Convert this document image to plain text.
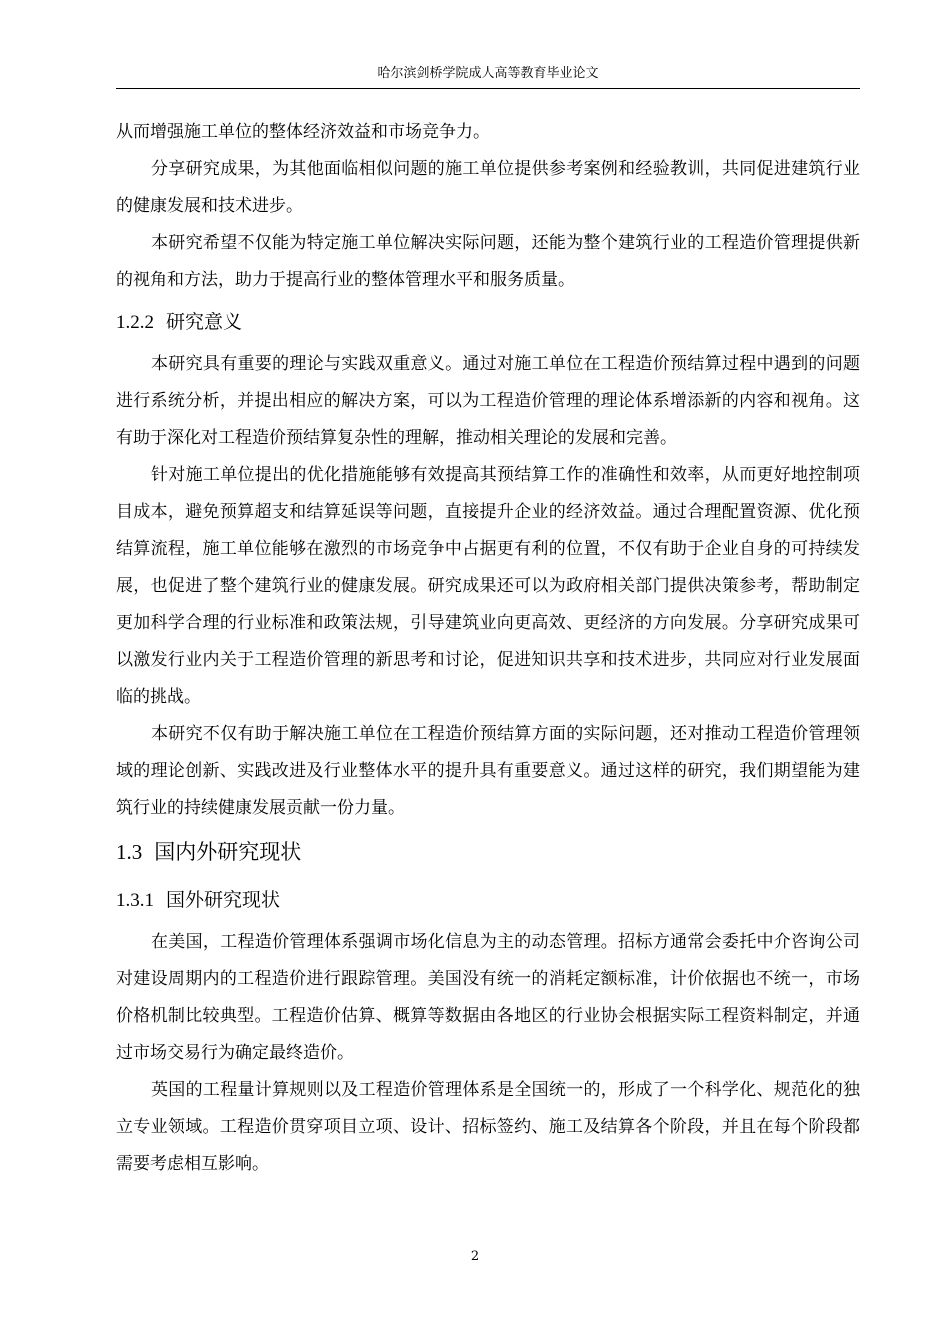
哈尔滨剑桥学院成人高等教育毕业论文

从而增强施工单位的整体经济效益和市场竞争力。

分享研究成果，为其他面临相似问题的施工单位提供参考案例和经验教训，共同促进建筑行业的健康发展和技术进步。

本研究希望不仅能为特定施工单位解决实际问题，还能为整个建筑行业的工程造价管理提供新的视角和方法，助力于提高行业的整体管理水平和服务质量。

1.2.2 研究意义

本研究具有重要的理论与实践双重意义。通过对施工单位在工程造价预结算过程中遇到的问题进行系统分析，并提出相应的解决方案，可以为工程造价管理的理论体系增添新的内容和视角。这有助于深化对工程造价预结算复杂性的理解，推动相关理论的发展和完善。

针对施工单位提出的优化措施能够有效提高其预结算工作的准确性和效率，从而更好地控制项目成本，避免预算超支和结算延误等问题，直接提升企业的经济效益。通过合理配置资源、优化预结算流程，施工单位能够在激烈的市场竞争中占据更有利的位置，不仅有助于企业自身的可持续发展，也促进了整个建筑行业的健康发展。研究成果还可以为政府相关部门提供决策参考，帮助制定更加科学合理的行业标准和政策法规，引导建筑业向更高效、更经济的方向发展。分享研究成果可以激发行业内关于工程造价管理的新思考和讨论，促进知识共享和技术进步，共同应对行业发展面临的挑战。

本研究不仅有助于解决施工单位在工程造价预结算方面的实际问题，还对推动工程造价管理领域的理论创新、实践改进及行业整体水平的提升具有重要意义。通过这样的研究，我们期望能为建筑行业的持续健康发展贡献一份力量。

1.3 国内外研究现状
1.3.1 国外研究现状

在美国，工程造价管理体系强调市场化信息为主的动态管理。招标方通常会委托中介咨询公司对建设周期内的工程造价进行跟踪管理。美国没有统一的消耗定额标准，计价依据也不统一，市场价格机制比较典型。工程造价估算、概算等数据由各地区的行业协会根据实际工程资料制定，并通过市场交易行为确定最终造价。

英国的工程量计算规则以及工程造价管理体系是全国统一的，形成了一个科学化、规范化的独立专业领域。工程造价贯穿项目立项、设计、招标签约、施工及结算各个阶段，并且在每个阶段都需要考虑相互影响。

2
